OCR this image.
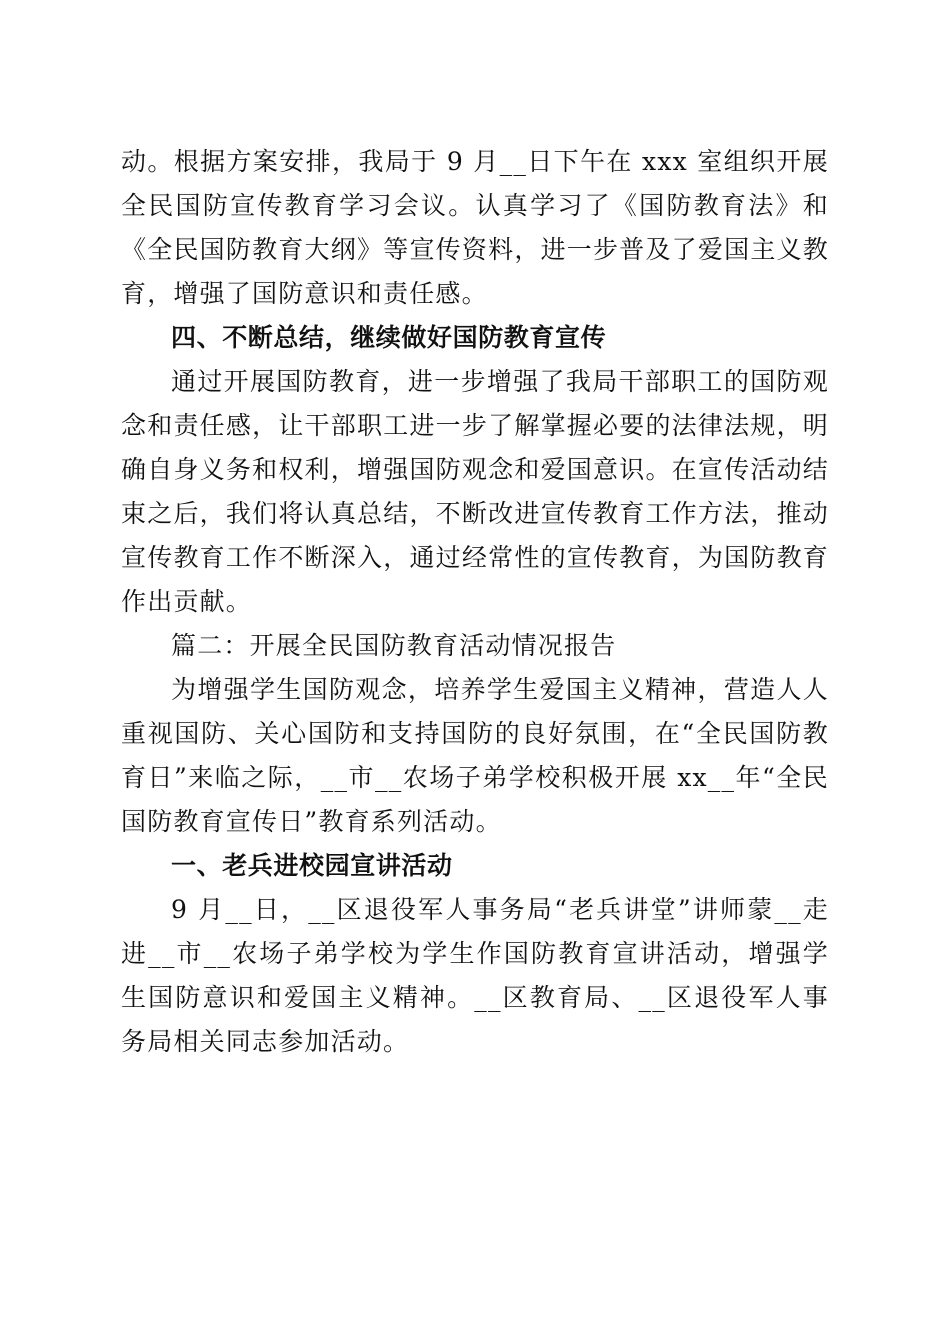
动。根据方案安排，我局于 9 月__日下午在 xxx 室组织开展全民国防宣传教育学习会议。认真学习了《国防教育法》和《全民国防教育大纲》等宣传资料，进一步普及了爱国主义教育，增强了国防意识和责任感。

四、不断总结，继续做好国防教育宣传

通过开展国防教育，进一步增强了我局干部职工的国防观念和责任感，让干部职工进一步了解掌握必要的法律法规，明确自身义务和权利，增强国防观念和爱国意识。在宣传活动结束之后，我们将认真总结，不断改进宣传教育工作方法，推动宣传教育工作不断深入，通过经常性的宣传教育，为国防教育作出贡献。

篇二：开展全民国防教育活动情况报告

为增强学生国防观念，培养学生爱国主义精神，营造人人重视国防、关心国防和支持国防的良好氛围，在“全民国防教育日”来临之际，__市__农场子弟学校积极开展 xx__年“全民国防教育宣传日”教育系列活动。

一、老兵进校园宣讲活动

9 月__日，__区退役军人事务局“老兵讲堂”讲师蒙__走进__市__农场子弟学校为学生作国防教育宣讲活动，增强学生国防意识和爱国主义精神。__区教育局、__区退役军人事务局相关同志参加活动。
